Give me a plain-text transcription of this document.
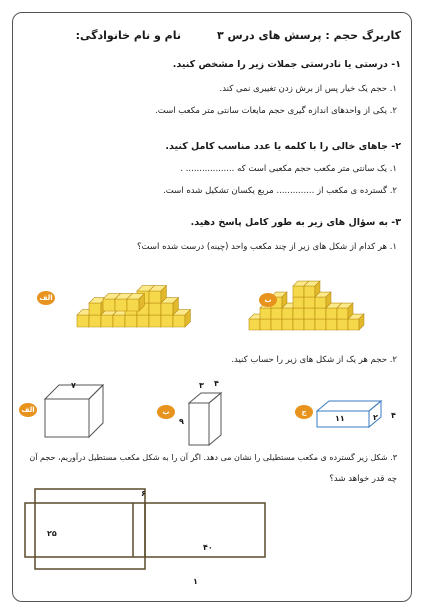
کاربرگ حجم : پرسش های درس ۳
نام و نام خانوادگی:
۱- درستی یا نادرستی جملات زیر را مشخص کنید.
۱. حجم یک خیار پس از برش زدن تغییری نمی کند.
۲. یکی از واحدهای اندازه گیری حجم مایعات سانتی متر مکعب است.
۲- جاهای خالی را با کلمه یا عدد مناسب کامل کنید.
۱. یک سانتی متر مکعب حجم مکعبی است که .................. .
۲. گسترده ی مکعب از .............. مربع یکسان تشکیل شده است.
۳- به سؤال های زیر به طور کامل پاسخ دهید.
۱. هر کدام از شکل های زیر از چند مکعب واحد (چینه) درست شده است؟
الف	ب
۲. حجم هر یک از شکل های زیر را حساب کنید.
الف
۷
ب
۳ ۴
۹
ج
۱۱	۲ ۴
۳. شکل زیر گسترده ی مکعب مستطیلی را نشان می دهد. اگر آن را به شکل مکعب مستطیل درآوریم، حجم آن
چه قدر خواهد شد؟
۶
۲۵
۴۰
۱
